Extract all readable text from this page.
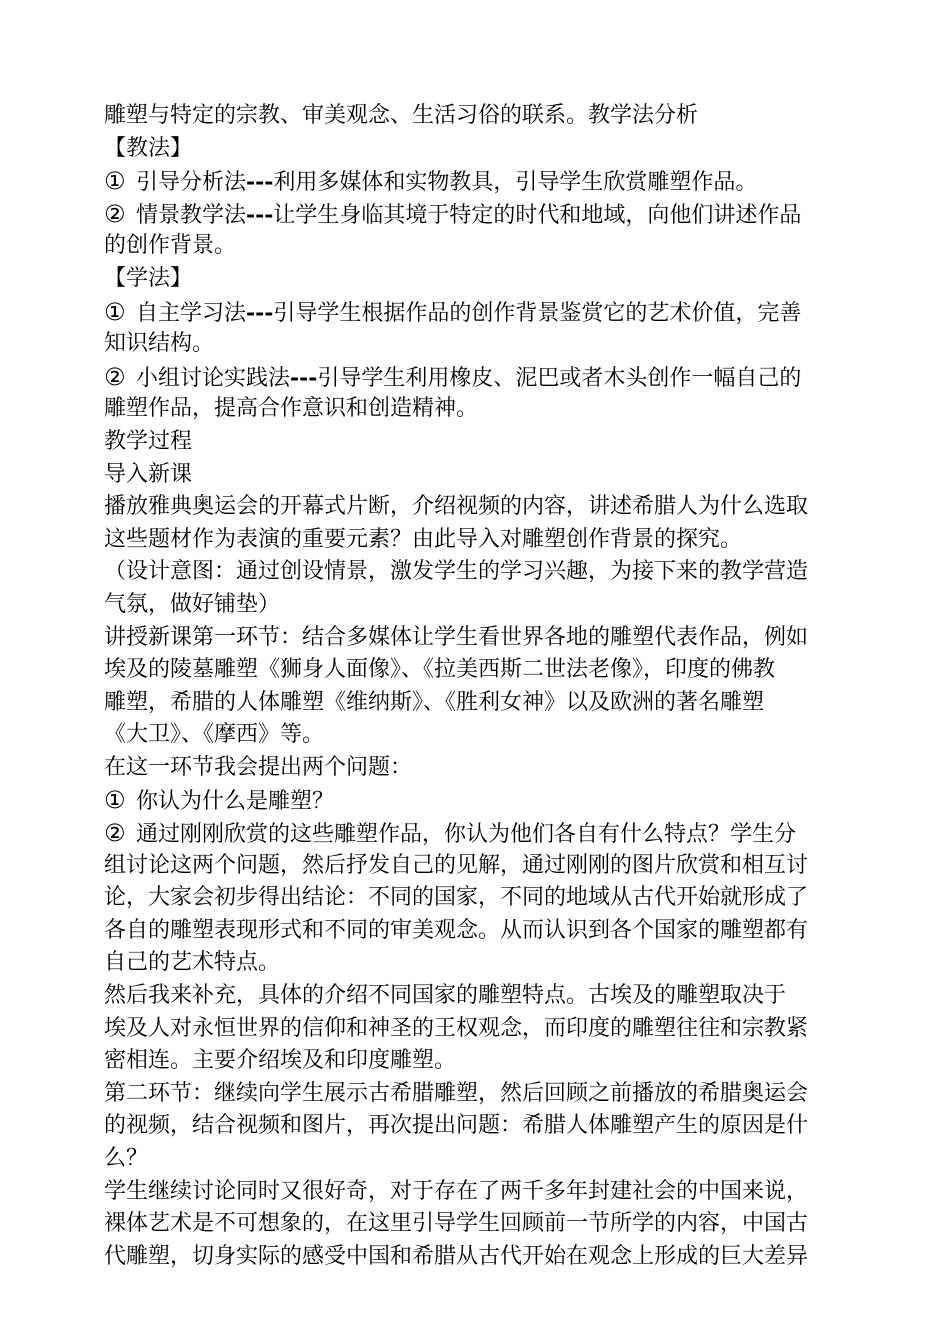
雕塑与特定的宗教、审美观念、生活习俗的联系。教学法分析
【教法】
① 引导分析法---利用多媒体和实物教具，引导学生欣赏雕塑作品。
② 情景教学法---让学生身临其境于特定的时代和地域，向他们讲述作品
的创作背景。
【学法】
① 自主学习法---引导学生根据作品的创作背景鉴赏它的艺术价值，完善
知识结构。
② 小组讨论实践法---引导学生利用橡皮、泥巴或者木头创作一幅自己的
雕塑作品，提高合作意识和创造精神。
教学过程
导入新课
播放雅典奥运会的开幕式片断，介绍视频的内容，讲述希腊人为什么选取
这些题材作为表演的重要元素？由此导入对雕塑创作背景的探究。
（设计意图：通过创设情景，激发学生的学习兴趣，为接下来的教学营造
气氛，做好铺垫）
讲授新课第一环节：结合多媒体让学生看世界各地的雕塑代表作品，例如
埃及的陵墓雕塑《狮身人面像》、《拉美西斯二世法老像》，印度的佛教
雕塑，希腊的人体雕塑《维纳斯》、《胜利女神》以及欧洲的著名雕塑
《大卫》、《摩西》等。
在这一环节我会提出两个问题：
① 你认为什么是雕塑？
② 通过刚刚欣赏的这些雕塑作品，你认为他们各自有什么特点？学生分
组讨论这两个问题，然后抒发自己的见解，通过刚刚的图片欣赏和相互讨
论，大家会初步得出结论：不同的国家，不同的地域从古代开始就形成了
各自的雕塑表现形式和不同的审美观念。从而认识到各个国家的雕塑都有
自己的艺术特点。
然后我来补充，具体的介绍不同国家的雕塑特点。古埃及的雕塑取决于
埃及人对永恒世界的信仰和神圣的王权观念，而印度的雕塑往往和宗教紧
密相连。主要介绍埃及和印度雕塑。
第二环节：继续向学生展示古希腊雕塑，然后回顾之前播放的希腊奥运会
的视频，结合视频和图片，再次提出问题：希腊人体雕塑产生的原因是什
么？
学生继续讨论同时又很好奇，对于存在了两千多年封建社会的中国来说，
裸体艺术是不可想象的，在这里引导学生回顾前一节所学的内容，中国古
代雕塑，切身实际的感受中国和希腊从古代开始在观念上形成的巨大差异
